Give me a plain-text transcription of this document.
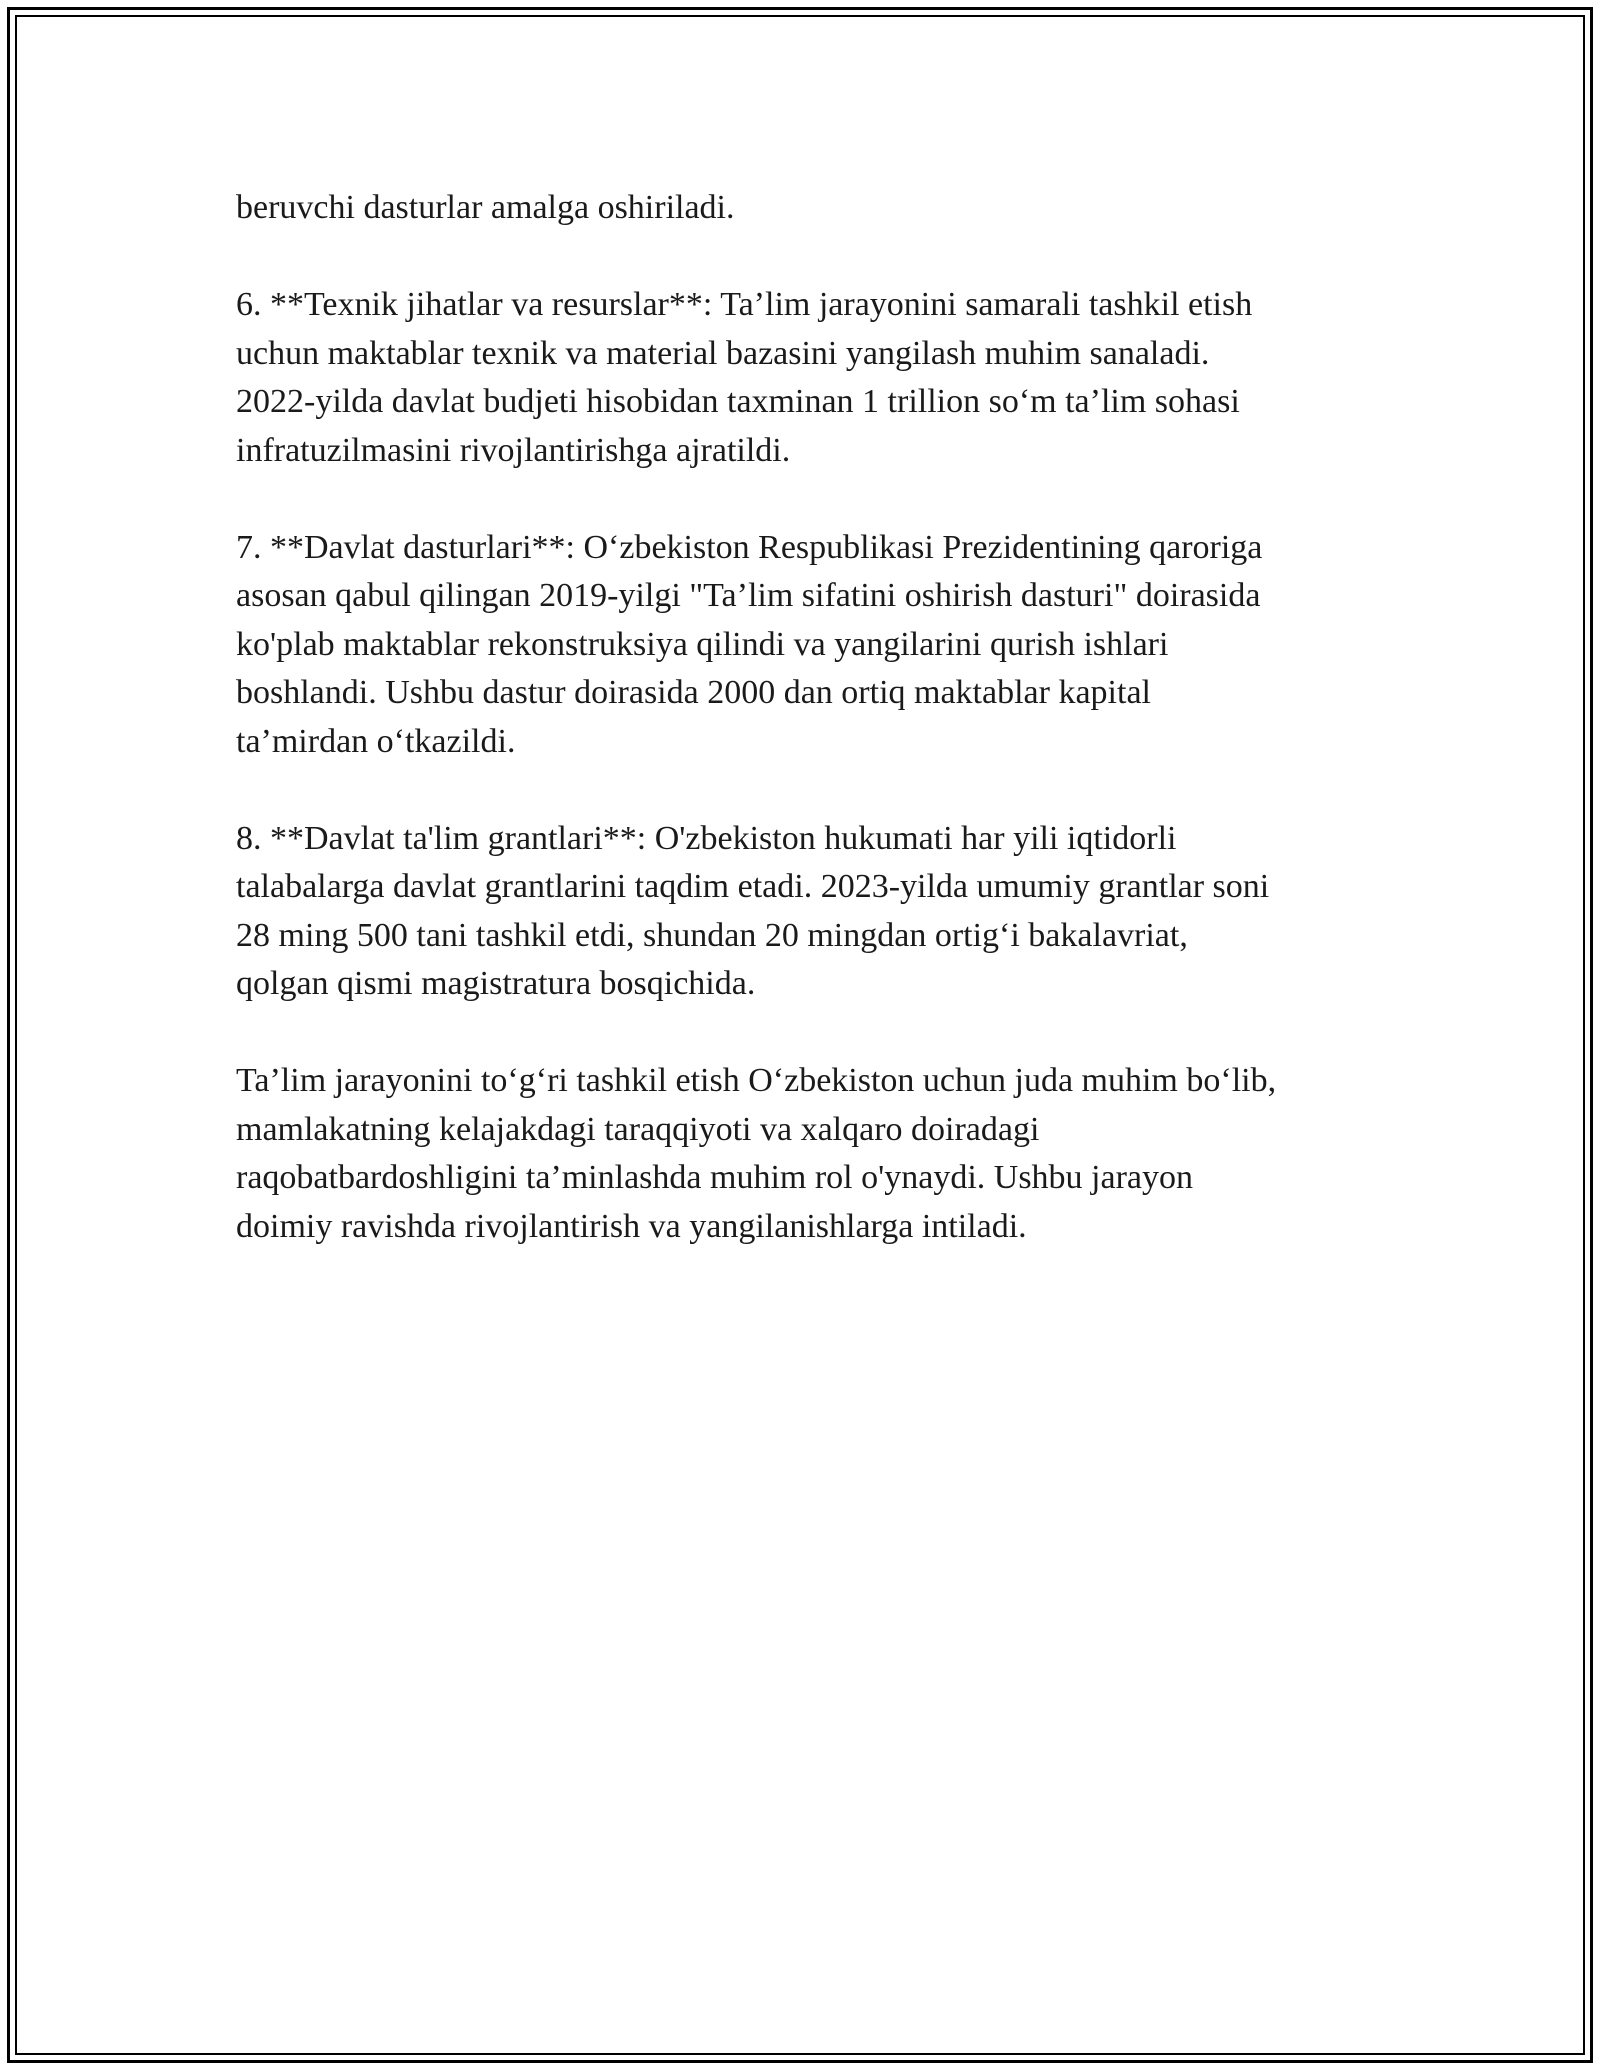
beruvchi dasturlar amalga oshiriladi.

6. **Texnik jihatlar va resurslar**: Ta’lim jarayonini samarali tashkil etish
uchun maktablar texnik va material bazasini yangilash muhim sanaladi.
2022-yilda davlat budjeti hisobidan taxminan 1 trillion so‘m ta’lim sohasi
infratuzilmasini rivojlantirishga ajratildi.

7. **Davlat dasturlari**: O‘zbekiston Respublikasi Prezidentining qaroriga
asosan qabul qilingan 2019-yilgi "Ta’lim sifatini oshirish dasturi" doirasida
ko'plab maktablar rekonstruksiya qilindi va yangilarini qurish ishlari
boshlandi. Ushbu dastur doirasida 2000 dan ortiq maktablar kapital
ta’mirdan o‘tkazildi.

8. **Davlat ta'lim grantlari**: O'zbekiston hukumati har yili iqtidorli
talabalarga davlat grantlarini taqdim etadi. 2023-yilda umumiy grantlar soni
28 ming 500 tani tashkil etdi, shundan 20 mingdan ortig‘i bakalavriat,
qolgan qismi magistratura bosqichida.

Ta’lim jarayonini to‘g‘ri tashkil etish O‘zbekiston uchun juda muhim bo‘lib,
mamlakatning kelajakdagi taraqqiyoti va xalqaro doiradagi
raqobatbardoshligini ta’minlashda muhim rol o'ynaydi. Ushbu jarayon
doimiy ravishda rivojlantirish va yangilanishlarga intiladi.
